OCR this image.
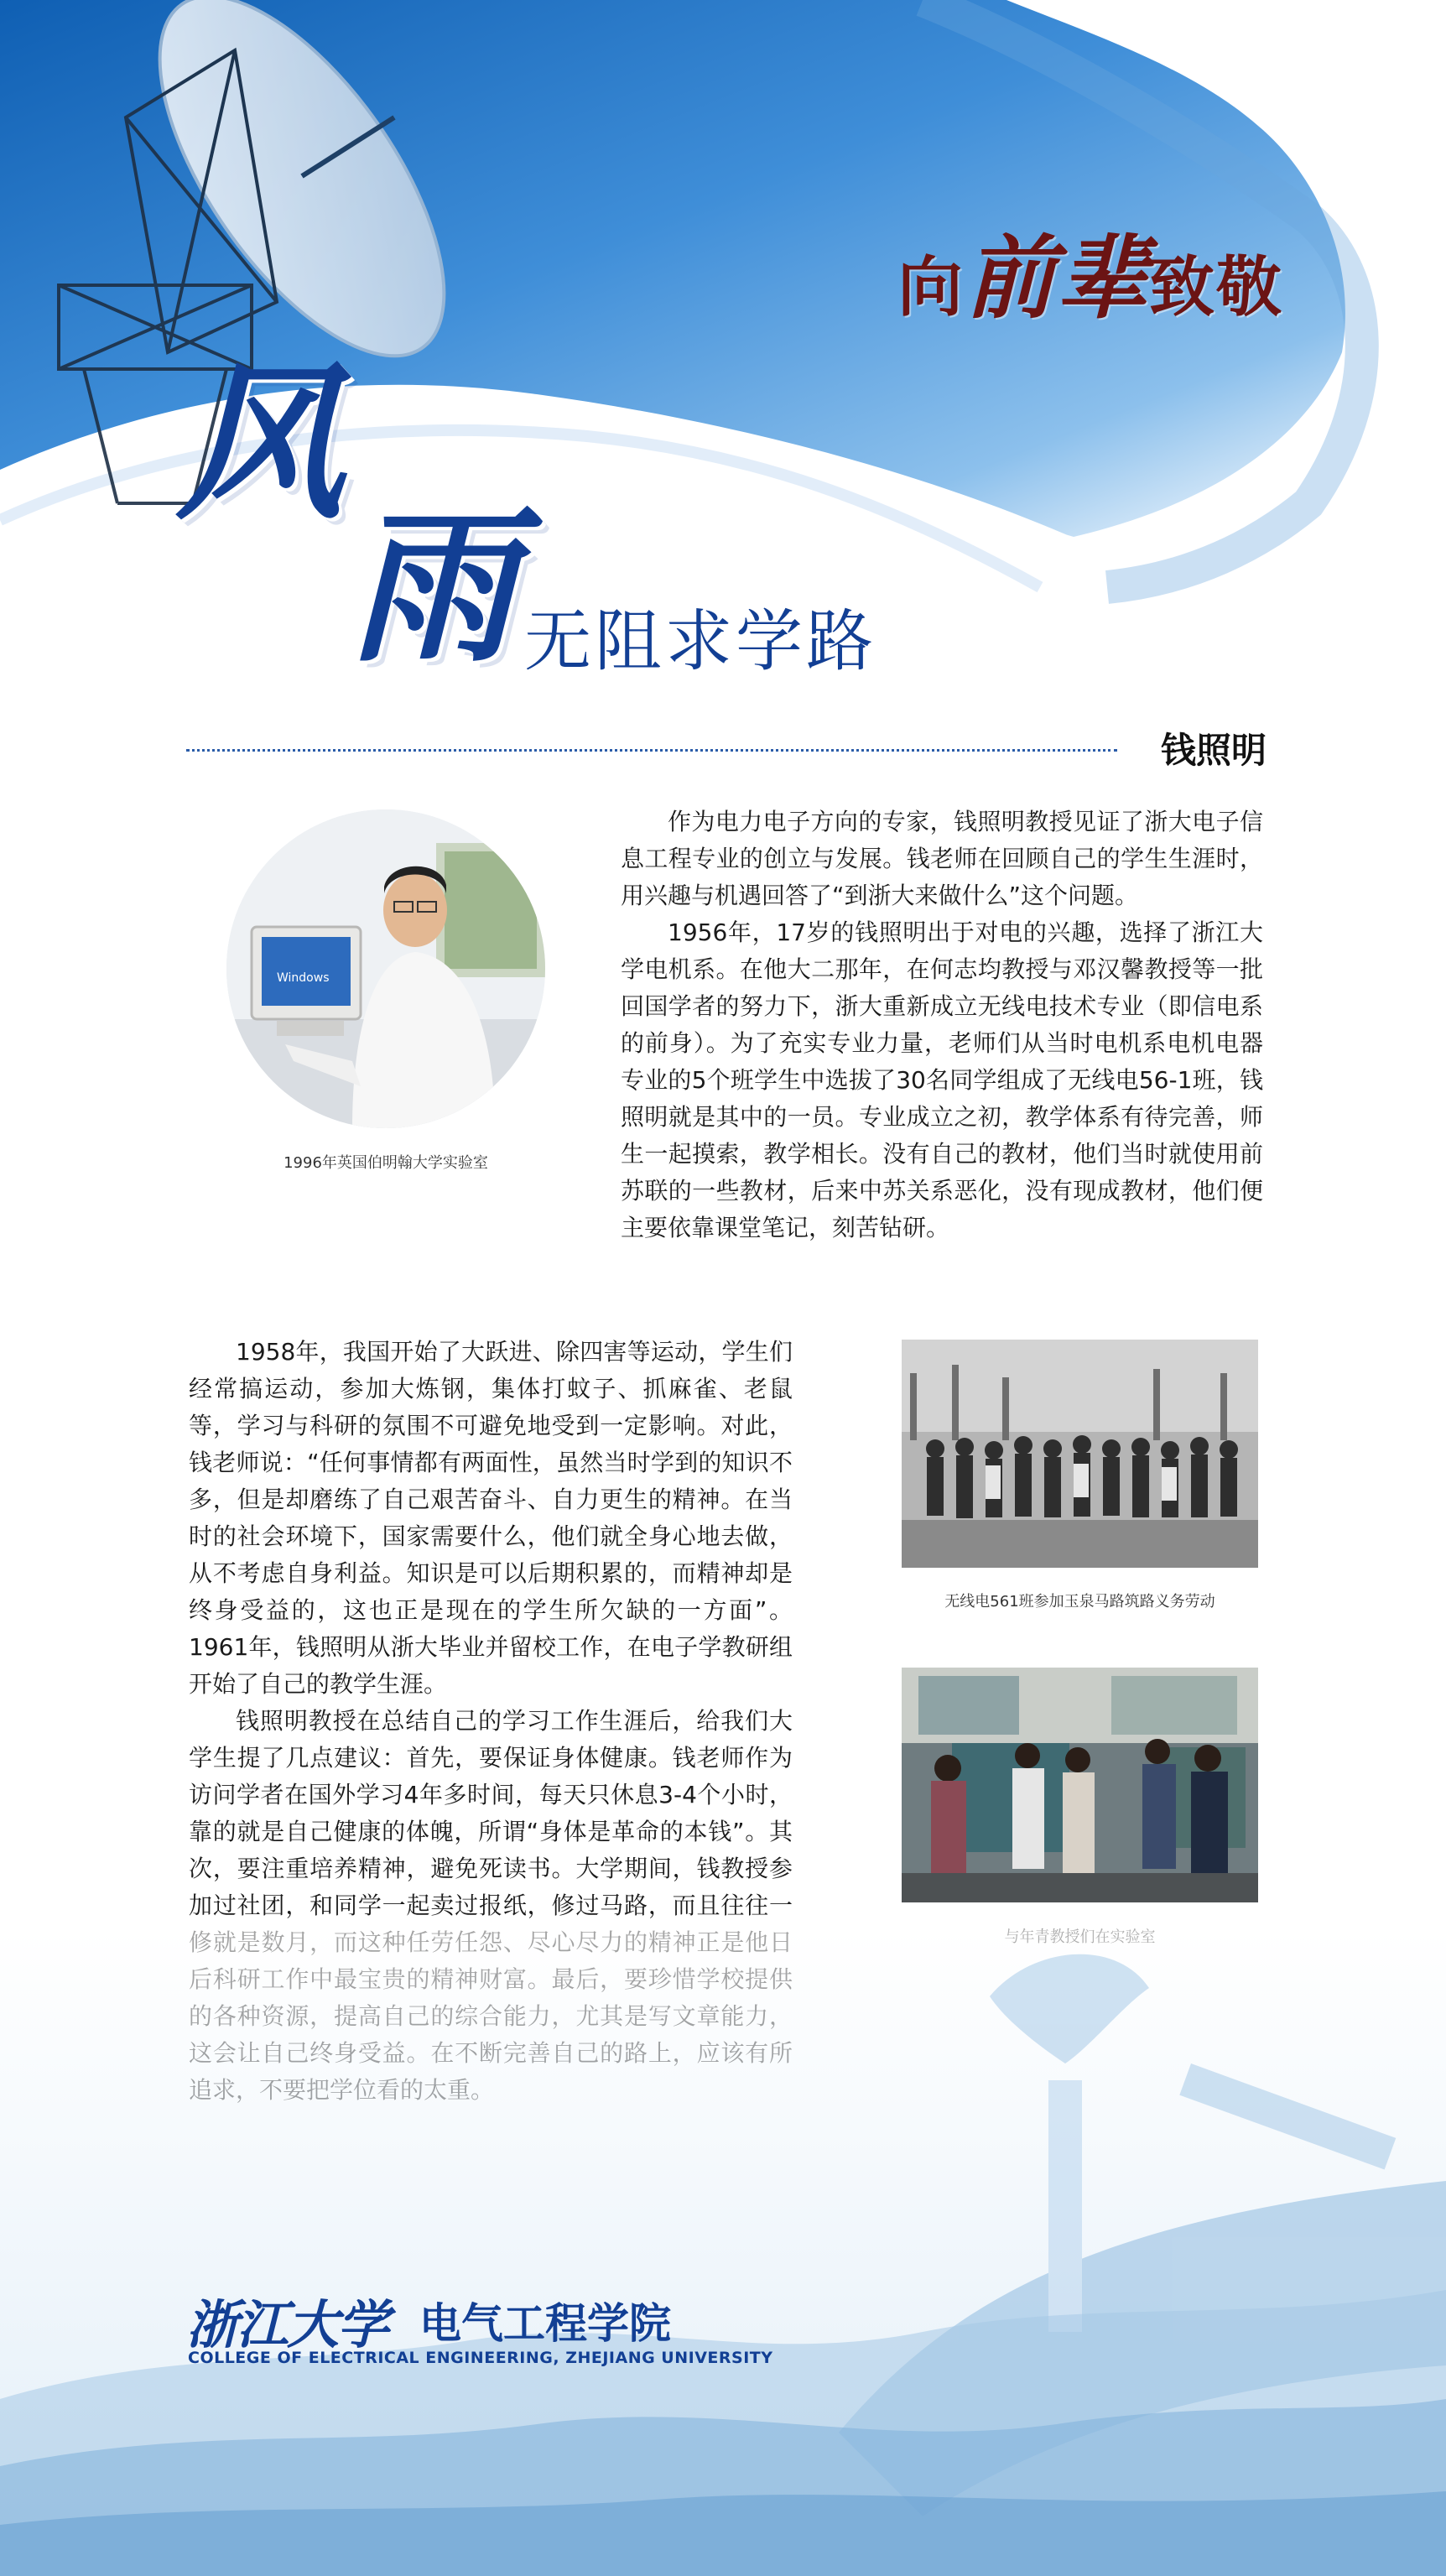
向前辈致敬
风
雨 无阻求学路
钱照明
Windows
1996年英国伯明翰大学实验室

作为电力电子方向的专家，钱照明教授见证了浙大电子信息工程专业的创立与发展。钱老师在回顾自己的学生生涯时，用兴趣与机遇回答了“到浙大来做什么”这个问题。

1956年，17岁的钱照明出于对电的兴趣，选择了浙江大学电机系。在他大二那年，在何志均教授与邓汉馨教授等一批回国学者的努力下，浙大重新成立无线电技术专业（即信电系的前身）。为了充实专业力量，老师们从当时电机系电机电器专业的5个班学生中选拔了30名同学组成了无线电56-1班，钱照明就是其中的一员。专业成立之初，教学体系有待完善，师生一起摸索，教学相长。没有自己的教材，他们当时就使用前苏联的一些教材，后来中苏关系恶化，没有现成教材，他们便主要依靠课堂笔记，刻苦钻研。

1958年，我国开始了大跃进、除四害等运动，学生们经常搞运动，参加大炼钢，集体打蚊子、抓麻雀、老鼠等，学习与科研的氛围不可避免地受到一定影响。对此，钱老师说：“任何事情都有两面性，虽然当时学到的知识不多，但是却磨练了自己艰苦奋斗、自力更生的精神。在当时的社会环境下，国家需要什么，他们就全身心地去做，从不考虑自身利益。知识是可以后期积累的，而精神却是终身受益的，这也正是现在的学生所欠缺的一方面”。1961年，钱照明从浙大毕业并留校工作，在电子学教研组开始了自己的教学生涯。

钱照明教授在总结自己的学习工作生涯后，给我们大学生提了几点建议：首先，要保证身体健康。钱老师作为访问学者在国外学习4年多时间，每天只休息3-4个小时，靠的就是自己健康的体魄，所谓“身体是革命的本钱”。其次，要注重培养精神，避免死读书。大学期间，钱教授参加过社团，和同学一起卖过报纸，修过马路，而且往往一

无线电561班参加玉泉马路筑路义务劳动
浙江大学 电气工程学院
COLLEGE OF ELECTRICAL ENGINEERING, ZHEJIANG UNIVERSITY
